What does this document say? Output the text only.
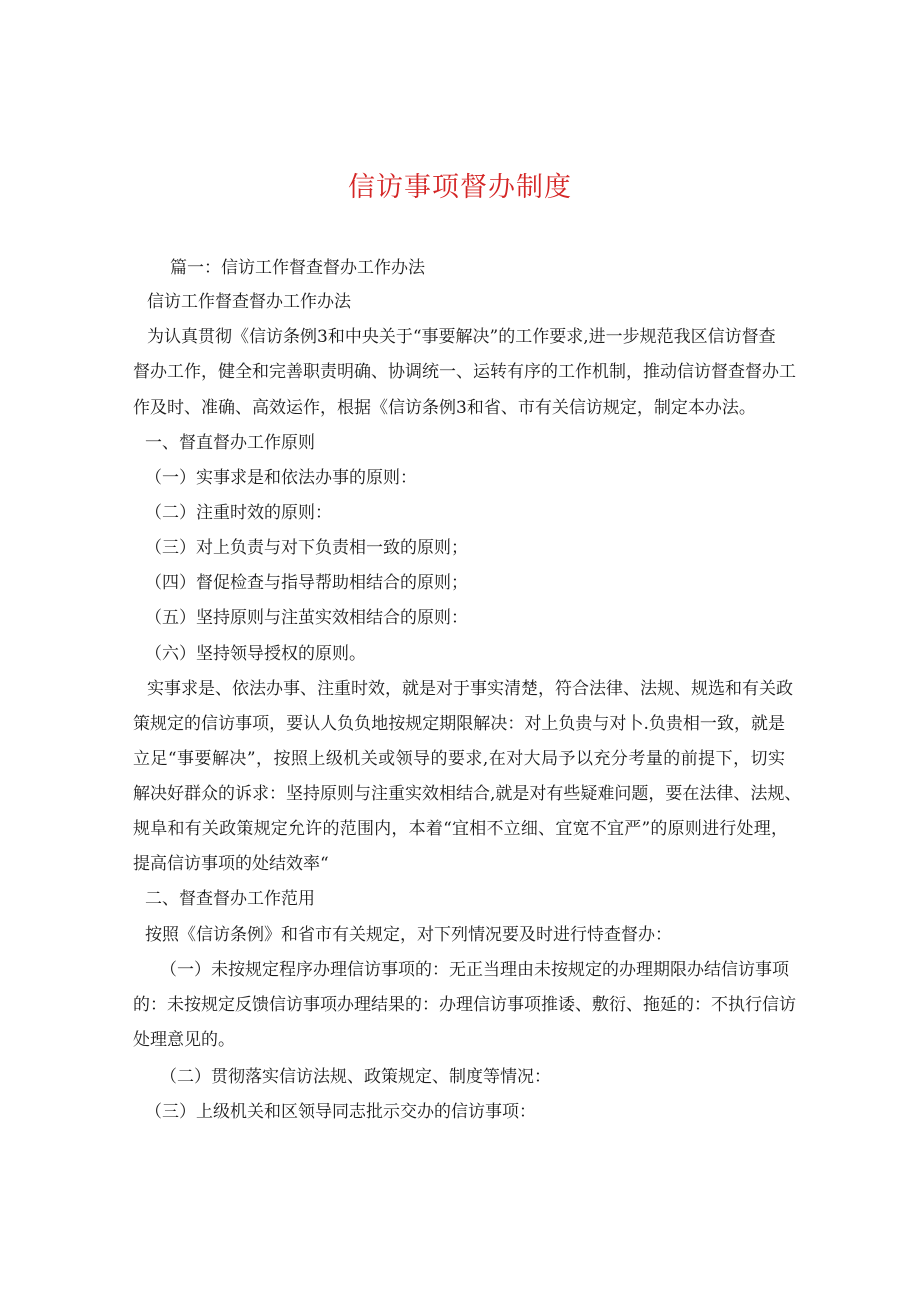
信访事项督办制度
篇一：信访工作督查督办工作办法
信访工作督查督办工作办法
为认真贯彻《信访条例3和中央关于“事要解决”的工作要求,进一步规范我区信访督查
督办工作，健全和完善职责明确、协调统一、运转有序的工作机制，推动信访督查督办工
作及时、准确、高效运作，根据《信访条例3和省、市有关信访规定，制定本办法。
一、督直督办工作原则
（一）实事求是和依法办事的原则：
（二）注重时效的原则：
（三）对上负责与对下负责相一致的原则；
（四）督促检查与指导帮助相结合的原则；
（五）坚持原则与注茧实效相结合的原则：
（六）坚持领导授权的原则。
实事求是、依法办事、注重时效，就是对于事实清楚，符合法律、法规、规选和有关政
策规定的信访事项，要认人负负地按规定期限解决：对上负贵与对卜.负贵相一致，就是
立足“事要解决”，按照上级机关或领导的要求,在对大局予以充分考量的前提下，切实
解决好群众的诉求：坚持原则与注重实效相结合,就是对有些疑难问题，要在法律、法规、
规阜和有关政策规定允许的范围内，本着“宜相不立细、宜宽不宜严”的原则进行处理，
提高信访事项的处结效率“
二、督查督办工作范用
按照《信访条例》和省市有关规定，对下列情况要及时进行恃查督办：
（一）未按规定程序办理信访事项的：无正当理由未按规定的办理期限办结信访事项
的：未按规定反馈信访事项办理结果的：办理信访事项推诿、敷衍、拖延的：不执行信访
处理意见的。
（二）贯彻落实信访法规、政策规定、制度等情况：
（三）上级机关和区领导同志批示交办的信访事项：
